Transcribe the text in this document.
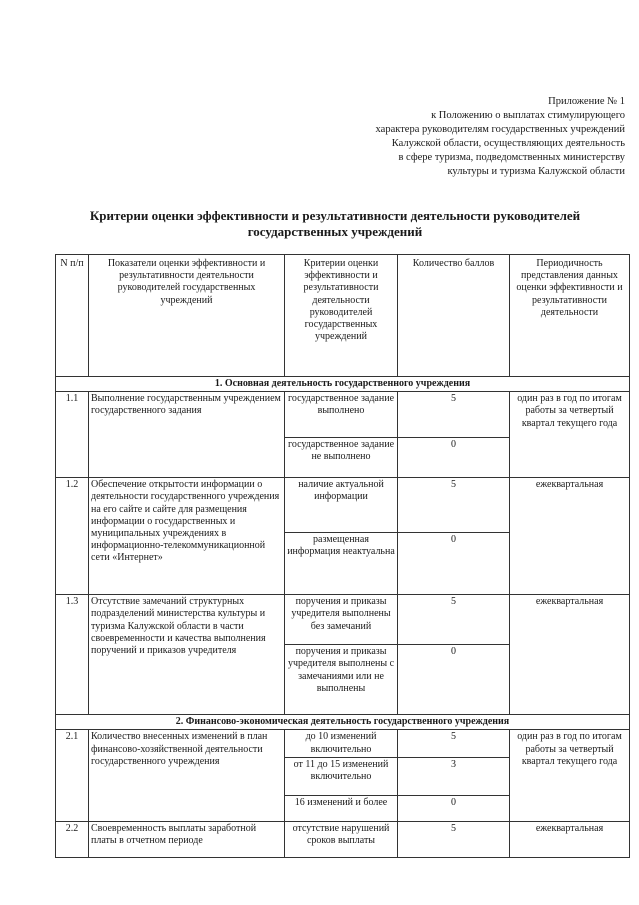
Приложение № 1
к Положению о выплатах стимулирующего
характера руководителям государственных учреждений
Калужской области, осуществляющих деятельность
в сфере туризма, подведомственных министерству
культуры и туризма Калужской области
Критерии оценки эффективности и результативности деятельности руководителей
государственных учреждений
N п/п	Показатели оценки эффективности и результативности деятельности руководителей государственных учреждений	Критерии оценки эффективности и результативности деятельности руководителей государственных учреждений	Количество баллов	Периодичность представления данных оценки эффективности и результативности деятельности
1. Основная деятельность государственного учреждения				
1.1	Выполнение государственным учреждением государственного задания	государственное задание выполнено	5	один раз в год по итогам работы за четвертый квартал текущего года
		государственное задание не выполнено	0	
1.2	Обеспечение открытости информации о деятельности государственного учреждения на его сайте и сайте для размещения информации о государственных и муниципальных учреждениях в информационно-телекоммуникационной сети «Интернет»	наличие актуальной информации	5	ежеквартальная
		размещенная информация неактуальна	0	
1.3	Отсутствие замечаний структурных подразделений министерства культуры и туризма Калужской области в части своевременности и качества выполнения поручений и приказов учредителя	поручения и приказы учредителя выполнены без замечаний	5	ежеквартальная
		поручения и приказы учредителя выполнены с замечаниями или не выполнены	0	
2. Финансово-экономическая деятельность государственного учреждения				
2.1	Количество внесенных изменений в план финансово-хозяйственной деятельности государственного учреждения	до 10 изменений включительно	5	один раз в год по итогам работы за четвертый квартал текущего года
		от 11 до 15 изменений включительно	3	
		16 изменений и более	0	
2.2	Своевременность выплаты заработной платы в отчетном периоде	отсутствие нарушений сроков выплаты	5	ежеквартальная
